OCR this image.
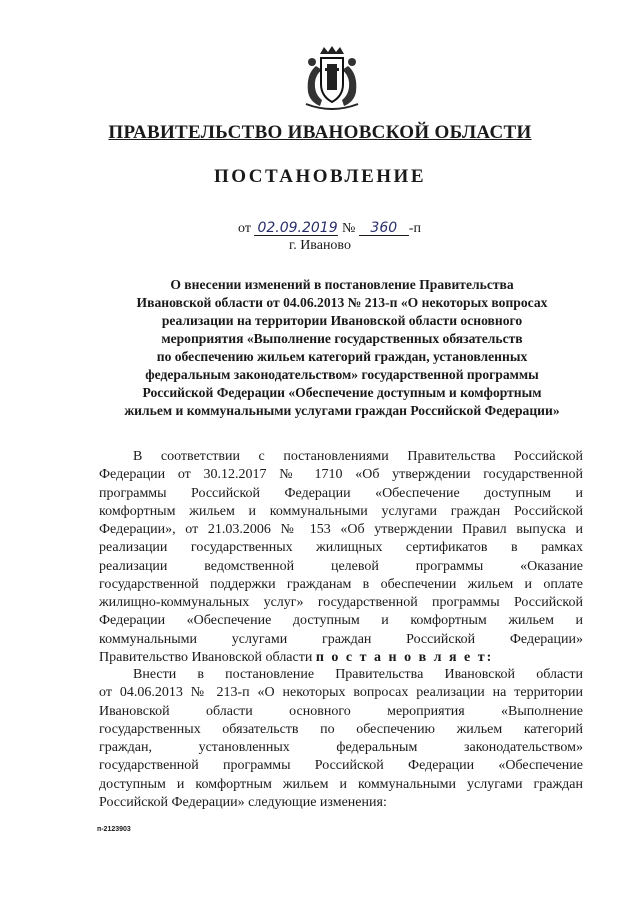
ПРАВИТЕЛЬСТВО ИВАНОВСКОЙ ОБЛАСТИ
ПОСТАНОВЛЕНИЕ
от 02.09.2019 № 360 -п
г. Иваново
О внесении изменений в постановление Правительства
Ивановской области от 04.06.2013 № 213-п «О некоторых вопросах
реализации на территории Ивановской области основного
мероприятия «Выполнение государственных обязательств
по обеспечению жильем категорий граждан, установленных
федеральным законодательством» государственной программы
Российской Федерации «Обеспечение доступным и комфортным
жильем и коммунальными услугами граждан Российской Федерации»
В соответствии с постановлениями Правительства Российской
Федерации от 30.12.2017 № 1710 «Об утверждении государственной
программы Российской Федерации «Обеспечение доступным и
комфортным жильем и коммунальными услугами граждан Российской
Федерации», от 21.03.2006 № 153 «Об утверждении Правил выпуска и
реализации государственных жилищных сертификатов в рамках
реализации ведомственной целевой программы «Оказание
государственной поддержки гражданам в обеспечении жильем и оплате
жилищно-коммунальных услуг» государственной программы Российской
Федерации «Обеспечение доступным и комфортным жильем и
коммунальными услугами граждан Российской Федерации»
Правительство Ивановской области п о с т а н о в л я е т:
Внести в постановление Правительства Ивановской области
от 04.06.2013 № 213-п «О некоторых вопросах реализации на территории
Ивановской области основного мероприятия «Выполнение
государственных обязательств по обеспечению жильем категорий
граждан, установленных федеральным законодательством»
государственной программы Российской Федерации «Обеспечение
доступным и комфортным жильем и коммунальными услугами граждан
Российской Федерации» следующие изменения:
п-2123903
